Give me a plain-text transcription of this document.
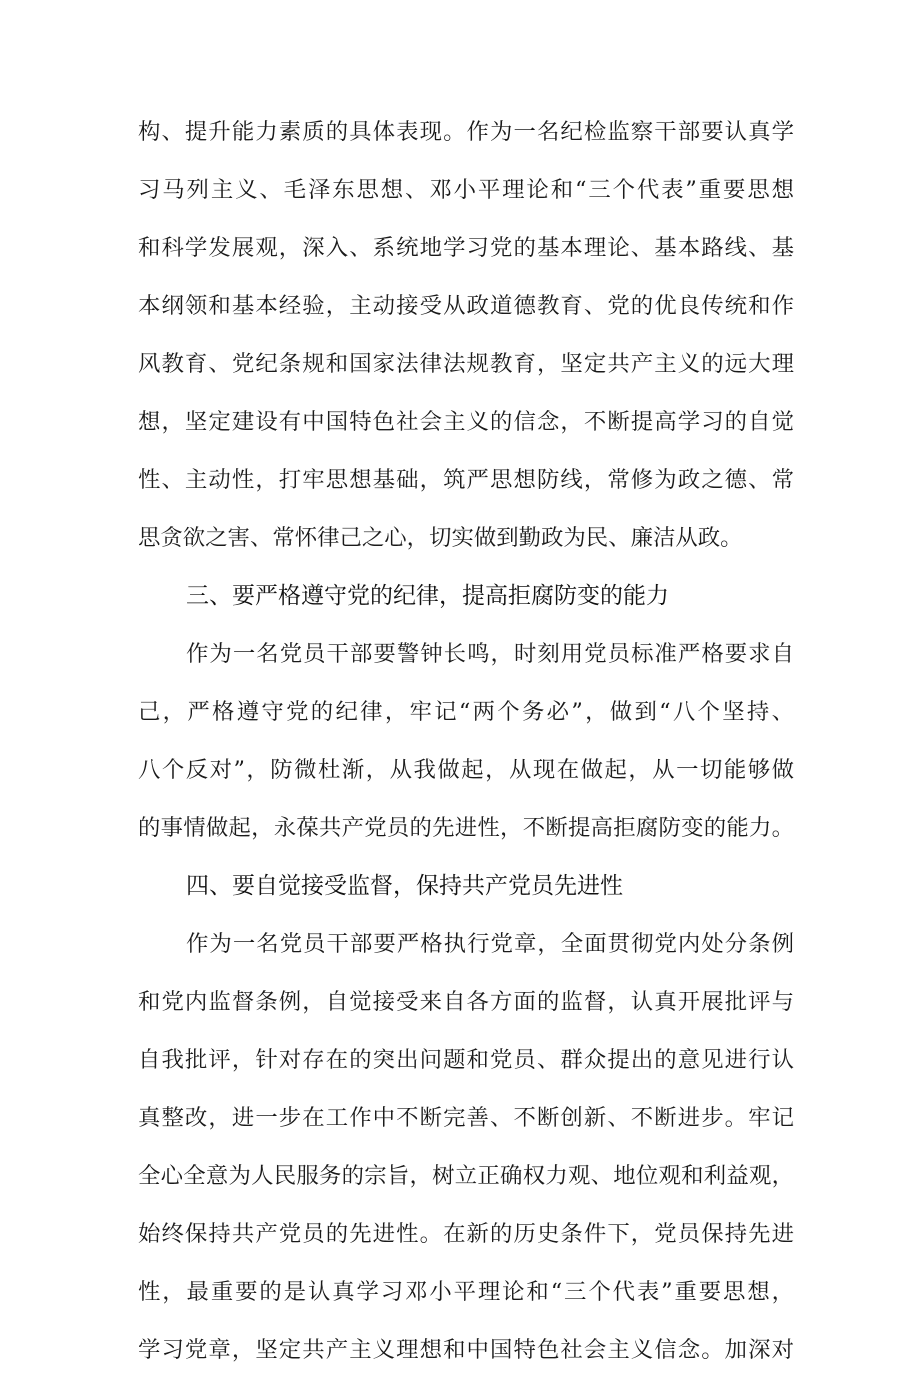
构、提升能力素质的具体表现。作为一名纪检监察干部要认真学
习马列主义、毛泽东思想、邓小平理论和“三个代表”重要思想
和科学发展观，深入、系统地学习党的基本理论、基本路线、基
本纲领和基本经验，主动接受从政道德教育、党的优良传统和作
风教育、党纪条规和国家法律法规教育，坚定共产主义的远大理
想，坚定建设有中国特色社会主义的信念，不断提高学习的自觉
性、主动性，打牢思想基础，筑严思想防线，常修为政之德、常
思贪欲之害、常怀律己之心，切实做到勤政为民、廉洁从政。
三、要严格遵守党的纪律，提高拒腐防变的能力
作为一名党员干部要警钟长鸣，时刻用党员标准严格要求自
己，严格遵守党的纪律，牢记“两个务必”，做到“八个坚持、
八个反对”，防微杜渐，从我做起，从现在做起，从一切能够做
的事情做起，永葆共产党员的先进性，不断提高拒腐防变的能力。
四、要自觉接受监督，保持共产党员先进性
作为一名党员干部要严格执行党章，全面贯彻党内处分条例
和党内监督条例，自觉接受来自各方面的监督，认真开展批评与
自我批评，针对存在的突出问题和党员、群众提出的意见进行认
真整改，进一步在工作中不断完善、不断创新、不断进步。牢记
全心全意为人民服务的宗旨，树立正确权力观、地位观和利益观，
始终保持共产党员的先进性。在新的历史条件下，党员保持先进
性，最重要的是认真学习邓小平理论和“三个代表”重要思想，
学习党章，坚定共产主义理想和中国特色社会主义信念。加深对
